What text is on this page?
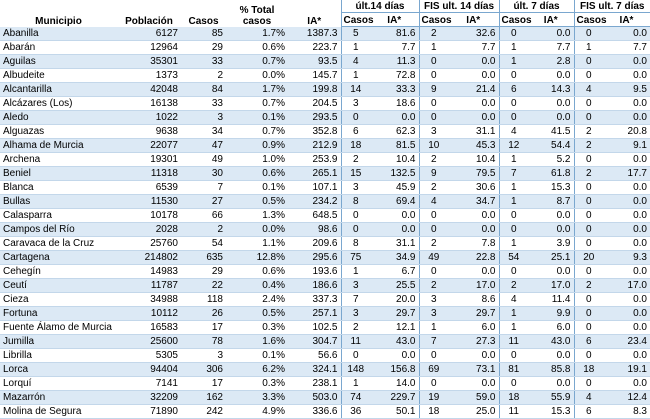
Municipio	Población	Casos	% Total casos	IA*	últ.14 días		FIS ult. 14 días		últ. 7 días		FIS ult. 7 días	
					Casos	IA*	Casos	IA*	Casos	IA*	Casos	IA*
Abanilla	6127	85	1.7%	1387.3	5	81.6	2	32.6	0	0.0	0	0.0
Abarán	12964	29	0.6%	223.7	1	7.7	1	7.7	1	7.7	1	7.7
Aguilas	35301	33	0.7%	93.5	4	11.3	0	0.0	1	2.8	0	0.0
Albudeite	1373	2	0.0%	145.7	1	72.8	0	0.0	0	0.0	0	0.0
Alcantarilla	42048	84	1.7%	199.8	14	33.3	9	21.4	6	14.3	4	9.5
Alcázares (Los)	16138	33	0.7%	204.5	3	18.6	0	0.0	0	0.0	0	0.0
Aledo	1022	3	0.1%	293.5	0	0.0	0	0.0	0	0.0	0	0.0
Alguazas	9638	34	0.7%	352.8	6	62.3	3	31.1	4	41.5	2	20.8
Alhama de Murcia	22077	47	0.9%	212.9	18	81.5	10	45.3	12	54.4	2	9.1
Archena	19301	49	1.0%	253.9	2	10.4	2	10.4	1	5.2	0	0.0
Beniel	11318	30	0.6%	265.1	15	132.5	9	79.5	7	61.8	2	17.7
Blanca	6539	7	0.1%	107.1	3	45.9	2	30.6	1	15.3	0	0.0
Bullas	11530	27	0.5%	234.2	8	69.4	4	34.7	1	8.7	0	0.0
Calasparra	10178	66	1.3%	648.5	0	0.0	0	0.0	0	0.0	0	0.0
Campos del Río	2028	2	0.0%	98.6	0	0.0	0	0.0	0	0.0	0	0.0
Caravaca de la Cruz	25760	54	1.1%	209.6	8	31.1	2	7.8	1	3.9	0	0.0
Cartagena	214802	635	12.8%	295.6	75	34.9	49	22.8	54	25.1	20	9.3
Cehegín	14983	29	0.6%	193.6	1	6.7	0	0.0	0	0.0	0	0.0
Ceutí	11787	22	0.4%	186.6	3	25.5	2	17.0	2	17.0	2	17.0
Cieza	34988	118	2.4%	337.3	7	20.0	3	8.6	4	11.4	0	0.0
Fortuna	10112	26	0.5%	257.1	3	29.7	3	29.7	1	9.9	0	0.0
Fuente Álamo de Murcia	16583	17	0.3%	102.5	2	12.1	1	6.0	1	6.0	0	0.0
Jumilla	25600	78	1.6%	304.7	11	43.0	7	27.3	11	43.0	6	23.4
Librilla	5305	3	0.1%	56.6	0	0.0	0	0.0	0	0.0	0	0.0
Lorca	94404	306	6.2%	324.1	148	156.8	69	73.1	81	85.8	18	19.1
Lorquí	7141	17	0.3%	238.1	1	14.0	0	0.0	0	0.0	0	0.0
Mazarrón	32209	162	3.3%	503.0	74	229.7	19	59.0	18	55.9	4	12.4
Molina de Segura	71890	242	4.9%	336.6	36	50.1	18	25.0	11	15.3	6	8.3
